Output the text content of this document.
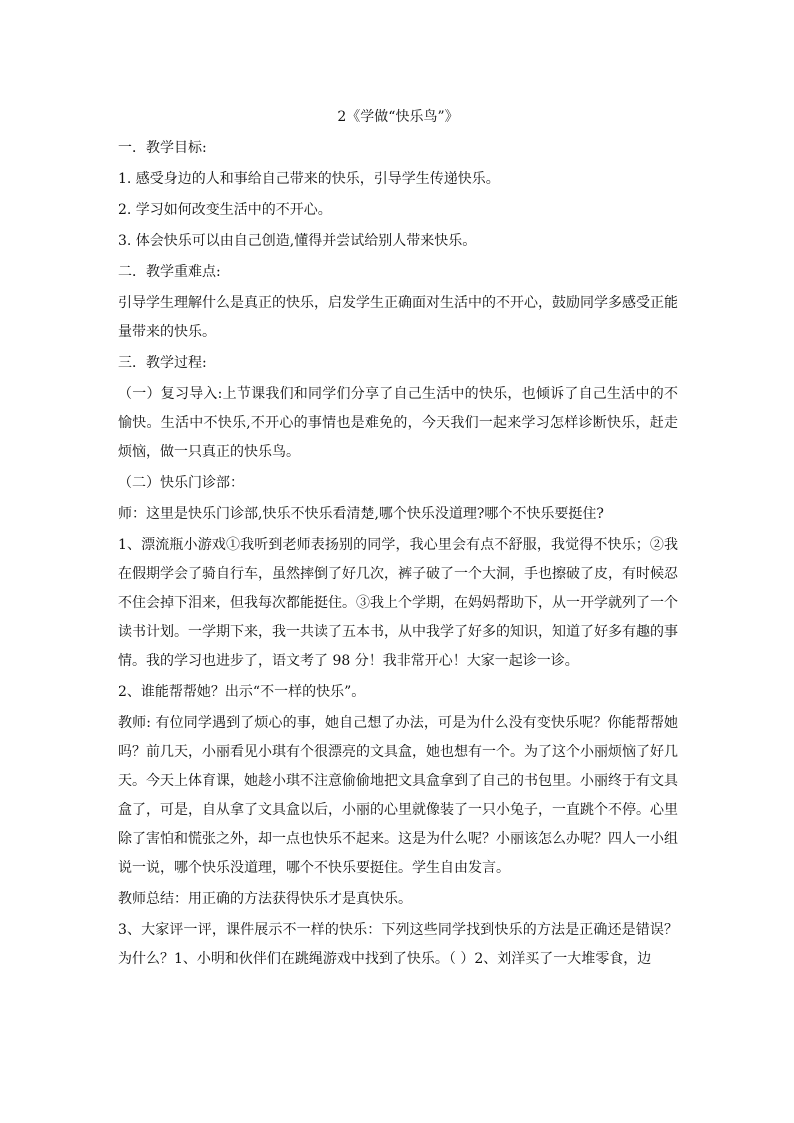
2《学做“快乐鸟”》
一．教学目标:
1. 感受身边的人和事给自己带来的快乐，引导学生传递快乐。
2. 学习如何改变生活中的不开心。
3. 体会快乐可以由自己创造,懂得并尝试给别人带来快乐。
二．教学重难点:
引导学生理解什么是真正的快乐，启发学生正确面对生活中的不开心，鼓励同学多感受正能量带来的快乐。
三．教学过程:
（一）复习导入:上节课我们和同学们分享了自己生活中的快乐，也倾诉了自己生活中的不愉快。生活中不快乐,不开心的事情也是难免的，今天我们一起来学习怎样诊断快乐，赶走烦恼，做一只真正的快乐鸟。
（二）快乐门诊部：
师：这里是快乐门诊部,快乐不快乐看清楚,哪个快乐没道理?哪个不快乐要挺住?
1、漂流瓶小游戏①我听到老师表扬别的同学，我心里会有点不舒服，我觉得不快乐；②我在假期学会了骑自行车，虽然摔倒了好几次，裤子破了一个大洞，手也擦破了皮，有时候忍不住会掉下泪来，但我每次都能挺住。③我上个学期，在妈妈帮助下，从一开学就列了一个读书计划。一学期下来，我一共读了五本书，从中我学了好多的知识，知道了好多有趣的事情。我的学习也进步了，语文考了 98 分！我非常开心！大家一起诊一诊。
2、谁能帮帮她？出示“不一样的快乐”。
教师: 有位同学遇到了烦心的事，她自己想了办法，可是为什么没有变快乐呢？你能帮帮她吗？前几天，小丽看见小琪有个很漂亮的文具盒，她也想有一个。为了这个小丽烦恼了好几天。今天上体育课，她趁小琪不注意偷偷地把文具盒拿到了自己的书包里。小丽终于有文具盒了，可是，自从拿了文具盒以后，小丽的心里就像装了一只小兔子，一直跳个不停。心里除了害怕和慌张之外，却一点也快乐不起来。这是为什么呢？小丽该怎么办呢？四人一小组说一说，哪个快乐没道理，哪个不快乐要挺住。学生自由发言。
教师总结：用正确的方法获得快乐才是真快乐。
3、大家评一评，课件展示不一样的快乐：下列这些同学找到快乐的方法是正确还是错误？为什么？1、小明和伙伴们在跳绳游戏中找到了快乐。（ ）2、刘洋买了一大堆零食，边
